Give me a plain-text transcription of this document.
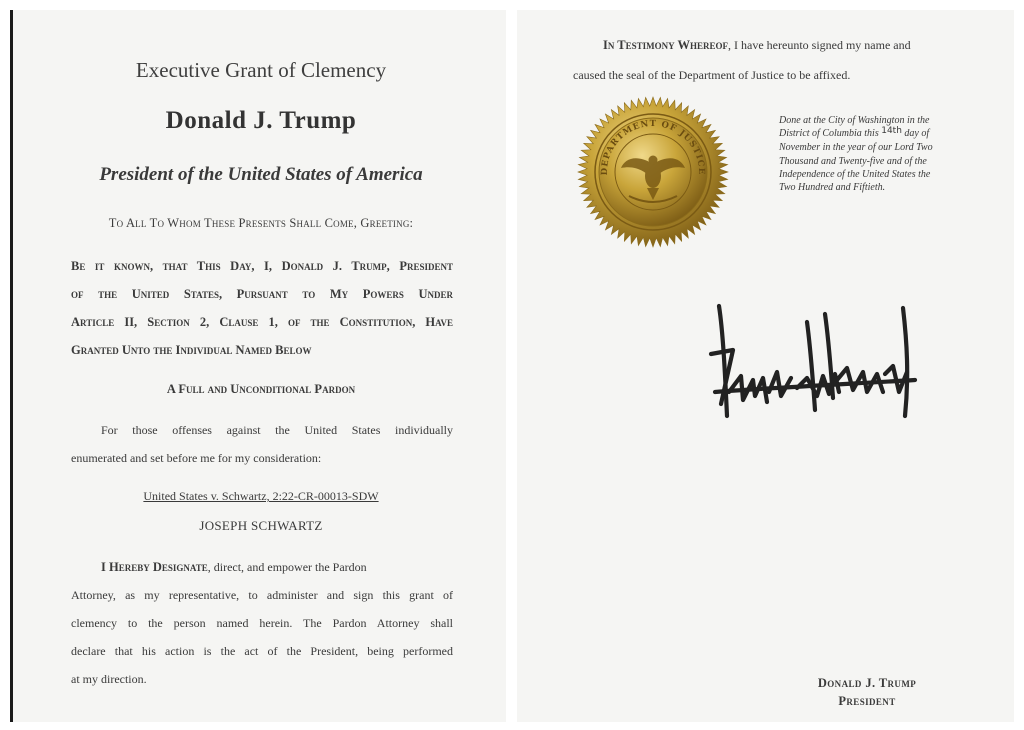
Executive Grant of Clemency
Donald J. Trump
President of the United States of America
To All To Whom These Presents Shall Come, Greeting:
Be it known, that This Day, I, Donald J. Trump, President
of the United States, Pursuant to My Powers Under
Article II, Section 2, Clause 1, of the Constitution, Have
Granted Unto the Individual Named Below
A Full and Unconditional Pardon
For those offenses against the United States individually
enumerated and set before me for my consideration:
United States v. Schwartz, 2:22-CR-00013-SDW
JOSEPH SCHWARTZ
I Hereby Designate, direct, and empower the Pardon
Attorney, as my representative, to administer and sign this grant of
clemency to the person named herein. The Pardon Attorney shall
declare that his action is the act of the President, being performed
at my direction.
In Testimony Whereof, I have hereunto signed my name and
caused the seal of the Department of Justice to be affixed.
DEPARTMENT OF JUSTICE
Done at the City of Washington in the
District of Columbia this 14th day of
November in the year of our Lord Two
Thousand and Twenty-five and of the
Independence of the United States the
Two Hundred and Fiftieth.
Donald J. Trump
President
